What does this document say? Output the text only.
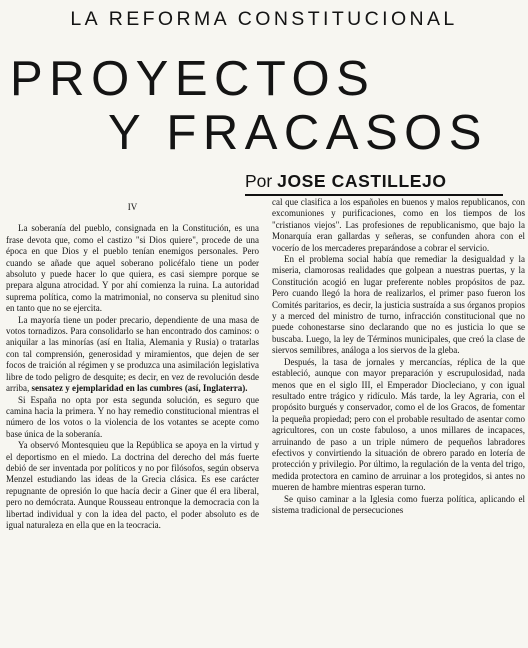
LA REFORMA CONSTITUCIONAL
PROYECTOS
Y FRACASOS
Por JOSE CASTILLEJO

IV

La soberanía del pueblo, consignada en la Constitución, es una frase devota que, como el castizo "si Dios quiere", procede de una época en que Dios y el pueblo tenían enemigos personales. Pero cuando se añade que aquel soberano policéfalo tiene un poder absoluto y puede hacer lo que quiera, es casi siempre porque se prepara alguna atrocidad. Y por ahí comienza la ruina. La autoridad suprema política, como la matrimonial, no conserva su plenitud sino en tanto que no se ejercita.

La mayoría tiene un poder precario, dependiente de una masa de votos tornadizos. Para consolidarlo se han encontrado dos caminos: o aniquilar a las minorías (así en Italia, Alemania y Rusia) o tratarlas con tal comprensión, generosidad y miramientos, que dejen de ser focos de traición al régimen y se produzca una asimilación legislativa libre de todo peligro de desquite; es decir, en vez de revolución desde arriba, sensatez y ejemplaridad en las cumbres (así, Inglaterra).

Si España no opta por esta segunda solución, es seguro que camina hacia la primera. Y no hay remedio constitucional mientras el número de los votos o la violencia de los votantes se acepte como base única de la soberanía.

Ya observó Montesquieu que la República se apoya en la virtud y el deportismo en el miedo. La doctrina del derecho del más fuerte debió de ser inventada por políticos y no por filósofos, según observa Menzel estudiando las ideas de la Grecia clásica. Es ese carácter repugnante de opresión lo que hacía decir a Giner que él era liberal, pero no demócrata. Aunque Rousseau entronque la democracia con la libertad individual y con la idea del pacto, el poder absoluto es de igual naturaleza en ella que en la teocracia.

cal que clasifica a los españoles en buenos y malos republicanos, con excomuniones y purificaciones, como en los tiempos de los "cristianos viejos". Las profesiones de republicanismo, que bajo la Monarquía eran gallardas y señeras, se confunden ahora con el vocerío de los mercaderes preparándose a cobrar el servicio.

En el problema social había que remediar la desigualdad y la miseria, clamorosas realidades que golpean a nuestras puertas, y la Constitución acogió en lugar preferente nobles propósitos de paz. Pero cuando llegó la hora de realizarlos, el primer paso fueron los Comités paritarios, es decir, la justicia sustraída a sus órganos propios y a merced del ministro de turno, infracción constitucional que no puede cohonestarse sino declarando que no es justicia lo que se buscaba. Luego, la ley de Términos municipales, que creó la clase de siervos semilibres, análoga a los siervos de la gleba.

Después, la tasa de jornales y mercancías, réplica de la que estableció, aunque con mayor preparación y escrupulosidad, nada menos que en el siglo III, el Emperador Diocleciano, y con igual resultado entre trágico y ridículo. Más tarde, la ley Agraria, con el propósito burgués y conservador, como el de los Gracos, de fomentar la pequeña propiedad; pero con el probable resultado de asentar como agricultores, con un coste fabuloso, a unos millares de incapaces, arruinando de paso a un triple número de pequeños labradores efectivos y convirtiendo la situación de obrero parado en lotería de protección y privilegio. Por último, la regulación de la venta del trigo, medida protectora en camino de arruinar a los protegidos, si antes no mueren de hambre mientras esperan turno.

Se quiso caminar a la Iglesia como fuerza política, aplicando el sistema tradicional de persecuciones
